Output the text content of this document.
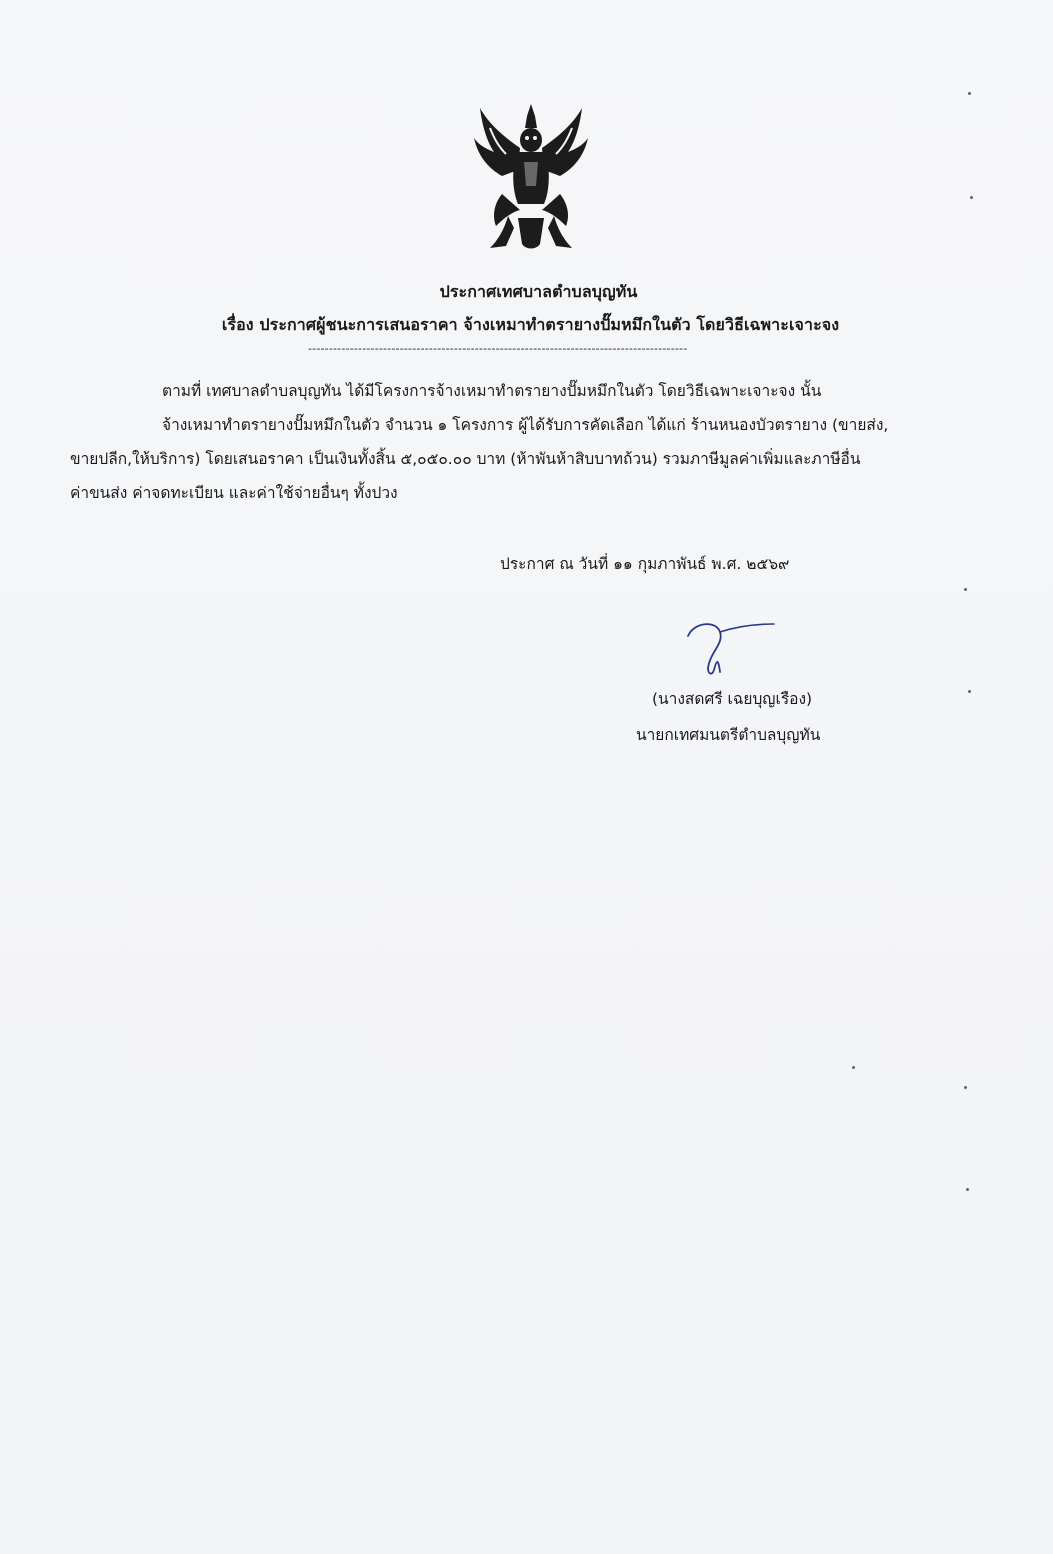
ประกาศเทศบาลตำบลบุญทัน
เรื่อง ประกาศผู้ชนะการเสนอราคา จ้างเหมาทำตรายางปั๊มหมึกในตัว โดยวิธีเฉพาะเจาะจง
-------------------------------------------------------------------------------------------
ตามที่ เทศบาลตำบลบุญทัน ได้มีโครงการจ้างเหมาทำตรายางปั๊มหมึกในตัว โดยวิธีเฉพาะเจาะจง นั้น
จ้างเหมาทำตรายางปั๊มหมึกในตัว จำนวน ๑ โครงการ ผู้ได้รับการคัดเลือก ได้แก่ ร้านหนองบัวตรายาง (ขายส่ง,
ขายปลีก,ให้บริการ) โดยเสนอราคา เป็นเงินทั้งสิ้น ๕,๐๕๐.๐๐ บาท (ห้าพันห้าสิบบาทถ้วน) รวมภาษีมูลค่าเพิ่มและภาษีอื่น
ค่าขนส่ง ค่าจดทะเบียน และค่าใช้จ่ายอื่นๆ ทั้งปวง
ประกาศ ณ วันที่ ๑๑ กุมภาพันธ์ พ.ศ. ๒๕๖๙
(นางสดศรี เฉยบุญเรือง)
นายกเทศมนตรีตำบลบุญทัน
